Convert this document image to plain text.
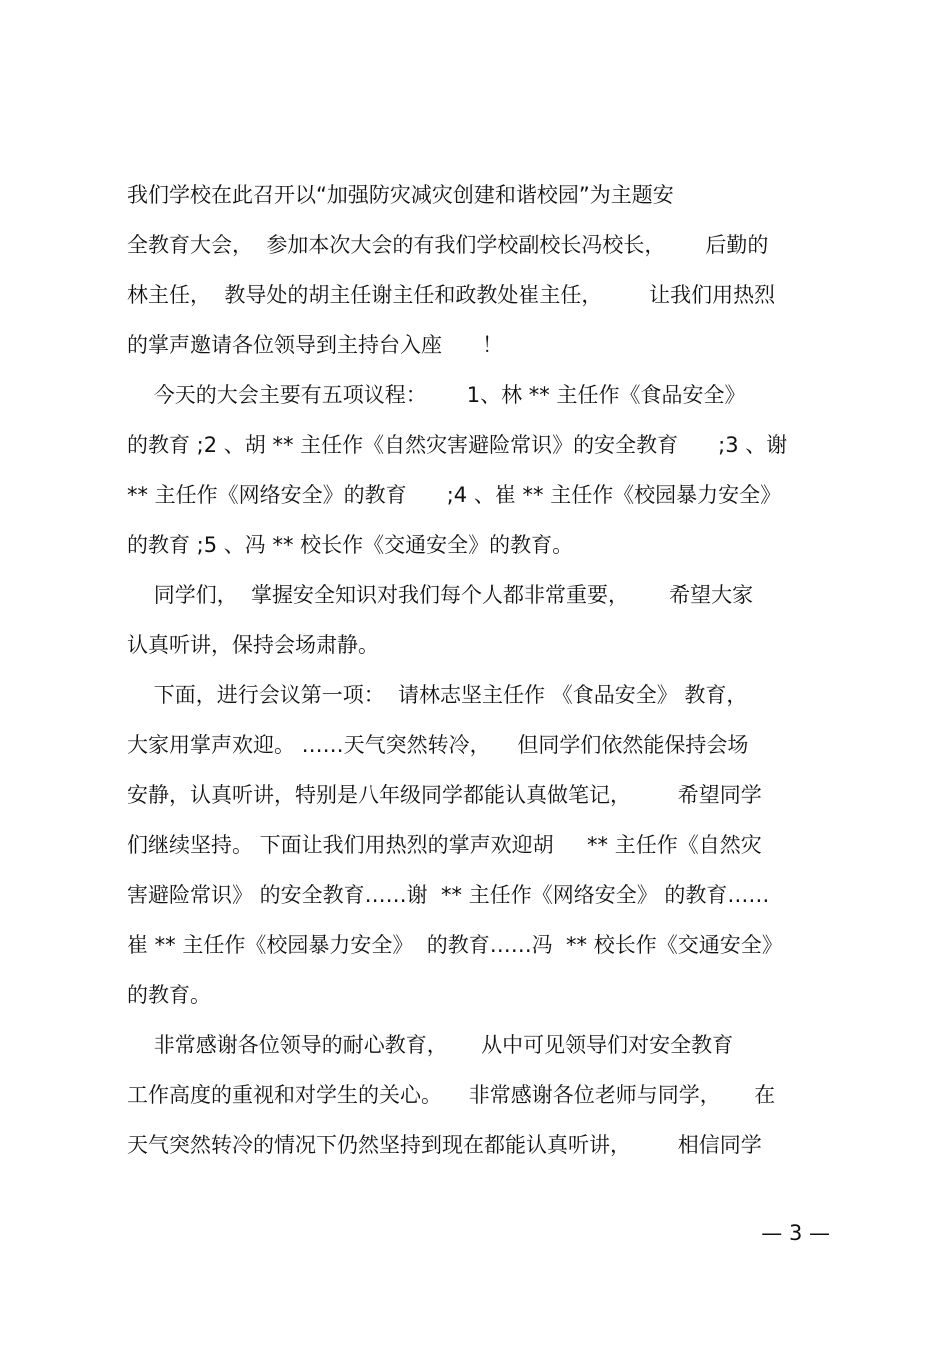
我们学校在此召开以“加强防灾减灾创建和谐校园”为主题安
全教育大会，  参加本次大会的有我们学校副校长冯校长，      后勤的
林主任，  教导处的胡主任谢主任和政教处崔主任，       让我们用热烈
的掌声邀请各位领导到主持台入座      ！
今天的大会主要有五项议程：      1、林 ** 主任作《食品安全》
的教育 ;2 、胡 ** 主任作《自然灾害避险常识》的安全教育      ;3 、谢
** 主任作《网络安全》的教育      ;4 、崔 ** 主任作《校园暴力安全》
的教育 ;5 、冯 ** 校长作《交通安全》的教育。
同学们，  掌握安全知识对我们每个人都非常重要，      希望大家
认真听讲，保持会场肃静。
下面，进行会议第一项：  请林志坚主任作 《食品安全》 教育，
大家用掌声欢迎。 ……天气突然转冷，    但同学们依然能保持会场
安静，认真听讲，特别是八年级同学都能认真做笔记，       希望同学
们继续坚持。 下面让我们用热烈的掌声欢迎胡     ** 主任作《自然灾
害避险常识》 的安全教育……谢  ** 主任作《网络安全》 的教育……
崔 ** 主任作《校园暴力安全》  的教育……冯  ** 校长作《交通安全》
的教育。
非常感谢各位领导的耐心教育，     从中可见领导们对安全教育
工作高度的重视和对学生的关心。    非常感谢各位老师与同学，     在
天气突然转冷的情况下仍然坚持到现在都能认真听讲，       相信同学
— 3 —
